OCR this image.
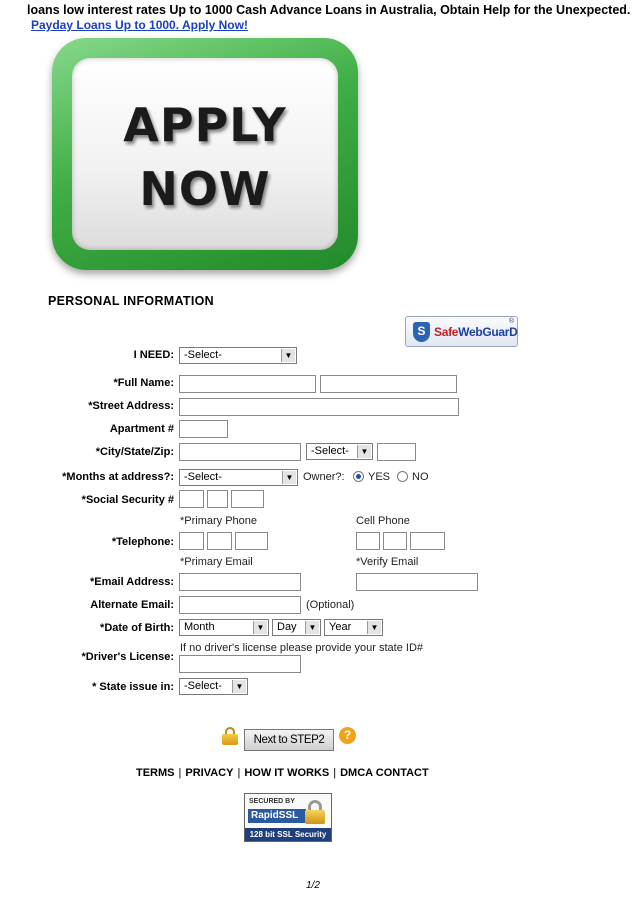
loans low interest rates Up to 1000 Cash Advance Loans in Australia, Obtain Help for the Unexpected.
Payday Loans Up to 1000. Apply Now!
APPLY
NOW
PERSONAL INFORMATION
S SafeWebGuarD
®
I NEED: -Select-	▼
*Full Name:
*Street Address:
Apartment #
*City/State/Zip:	-Select-	▼
*Months at address?: -Select-	▼ Owner?: YES NO
*Social Security #
*Primary Phone	Cell Phone
*Telephone:
*Primary Email	*Verify Email
*Email Address:
Alternate Email:	(Optional)
*Date of Birth: Month	▼	Day	▼	Year	▼
If no driver's license please provide your state ID#
*Driver's License:
* State issue in: -Select-	▼
Next to STEP2	?
TERMS | PRIVACY | HOW IT WORKS | DMCA CONTACT
SECURED BY
RapidSSL
128 bit SSL Security
1/2
